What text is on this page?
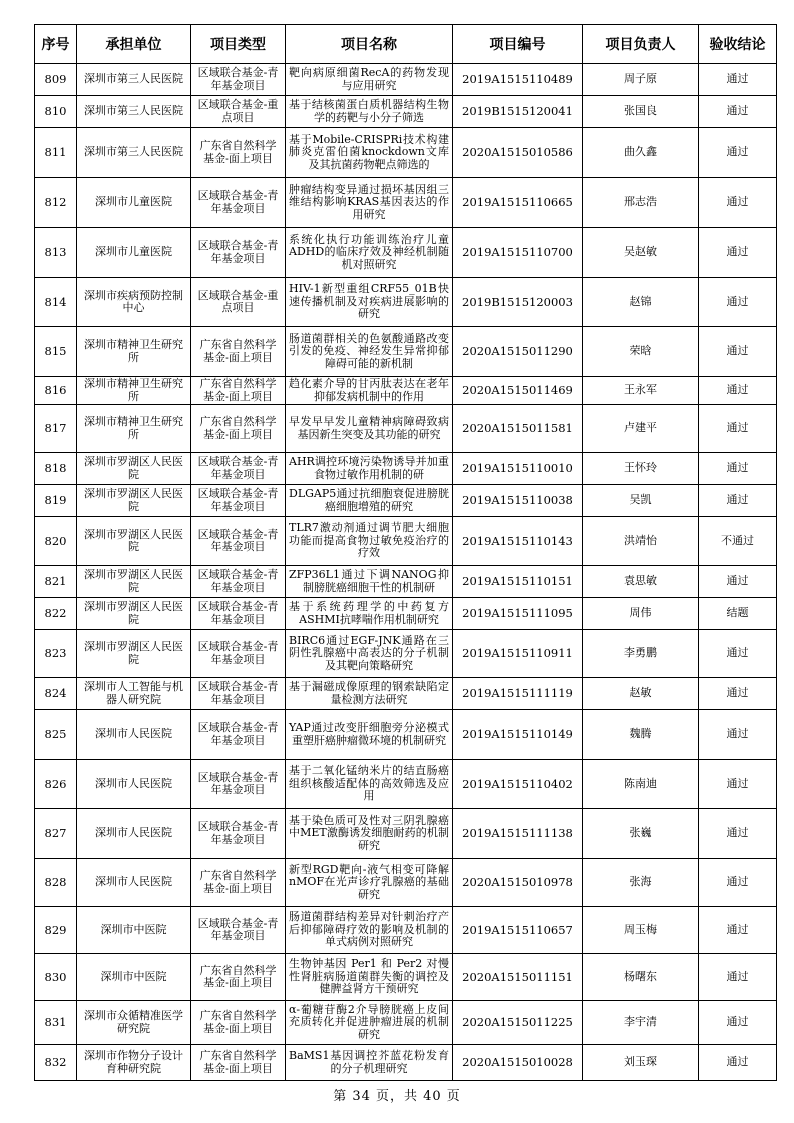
序号	承担单位	项目类型	项目名称	项目编号	项目负责人	验收结论
809	深圳市第三人民医院	区域联合基金-青年基金项目	靶向病原细菌RecA的药物发现与应用研究	2019A1515110489	周子原	通过
810	深圳市第三人民医院	区域联合基金-重点项目	基于结核菌蛋白质机器结构生物学的药靶与小分子筛选	2019B1515120041	张国良	通过
811	深圳市第三人民医院	广东省自然科学基金-面上项目	基于Mobile-CRISPRi技术构建肺炎克雷伯菌knockdown文库及其抗菌药物靶点筛选的	2020A1515010586	曲久鑫	通过
812	深圳市儿童医院	区域联合基金-青年基金项目	肿瘤结构变异通过损坏基因组三维结构影响KRAS基因表达的作用研究	2019A1515110665	邢志浩	通过
813	深圳市儿童医院	区域联合基金-青年基金项目	系统化执行功能训练治疗儿童ADHD的临床疗效及神经机制随机对照研究	2019A1515110700	吴赵敏	通过
814	深圳市疾病预防控制中心	区域联合基金-重点项目	HIV-1新型重组CRF55_01B快速传播机制及对疾病进展影响的研究	2019B1515120003	赵锦	通过
815	深圳市精神卫生研究所	广东省自然科学基金-面上项目	肠道菌群相关的色氨酸通路改变引发的免疫、神经发生异常抑郁障碍可能的新机制	2020A1515011290	荣晗	通过
816	深圳市精神卫生研究所	广东省自然科学基金-面上项目	趋化素介导的甘丙肽表达在老年抑郁发病机制中的作用	2020A1515011469	王永军	通过
817	深圳市精神卫生研究所	广东省自然科学基金-面上项目	早发早早发儿童精神病障碍致病基因新生突变及其功能的研究	2020A1515011581	卢建平	通过
818	深圳市罗湖区人民医院	区域联合基金-青年基金项目	AHR调控环境污染物诱导并加重食物过敏作用机制的研	2019A1515110010	王怀玲	通过
819	深圳市罗湖区人民医院	区域联合基金-青年基金项目	DLGAP5通过抗细胞衰促进膀胱癌细胞增殖的研究	2019A1515110038	吴凯	通过
820	深圳市罗湖区人民医院	区域联合基金-青年基金项目	TLR7激动剂通过调节肥大细胞功能而提高食物过敏免疫治疗的疗效	2019A1515110143	洪靖怡	不通过
821	深圳市罗湖区人民医院	区域联合基金-青年基金项目	ZFP36L1通过下调NANOG抑制膀胱癌细胞干性的机制研	2019A1515110151	袁思敏	通过
822	深圳市罗湖区人民医院	区域联合基金-青年基金项目	基于系统药理学的中药复方ASHMI抗哮喘作用机制研究	2019A1515111095	周伟	结题
823	深圳市罗湖区人民医院	区域联合基金-青年基金项目	BIRC6通过EGF-JNK通路在三阴性乳腺癌中高表达的分子机制及其靶向策略研究	2019A1515110911	李勇鹏	通过
824	深圳市人工智能与机器人研究院	区域联合基金-青年基金项目	基于漏磁成像原理的钢索缺陷定量检测方法研究	2019A1515111119	赵敏	通过
825	深圳市人民医院	区域联合基金-青年基金项目	YAP通过改变肝细胞旁分泌模式重塑肝癌肿瘤微环境的机制研究	2019A1515110149	魏腾	通过
826	深圳市人民医院	区域联合基金-青年基金项目	基于二氧化锰纳米片的结直肠癌组织核酸适配体的高效筛选及应用	2019A1515110402	陈南迪	通过
827	深圳市人民医院	区域联合基金-青年基金项目	基于染色质可及性对三阴乳腺癌中MET激酶诱发细胞耐药的机制研究	2019A1515111138	张巍	通过
828	深圳市人民医院	广东省自然科学基金-面上项目	新型RGD靶向-液气相变可降解nMOF在光声诊疗乳腺癌的基础研究	2020A1515010978	张海	通过
829	深圳市中医院	区域联合基金-青年基金项目	肠道菌群结构差异对针刺治疗产后抑郁障碍疗效的影响及机制的单式病例对照研究	2019A1515110657	周玉梅	通过
830	深圳市中医院	广东省自然科学基金-面上项目	生物钟基因 Per1 和 Per2 对慢性肾脏病肠道菌群失衡的调控及健脾益肾方干预研究	2020A1515011151	杨曙东	通过
831	深圳市众循精准医学研究院	广东省自然科学基金-面上项目	α-葡糖苷酶2介导膀胱癌上皮间充质转化并促进肿瘤进展的机制研究	2020A1515011225	李宇清	通过
832	深圳市作物分子设计育种研究院	广东省自然科学基金-面上项目	BaMS1基因调控芥蓝花粉发育的分子机理研究	2020A1515010028	刘玉琛	通过
第 34 页，共 40 页
